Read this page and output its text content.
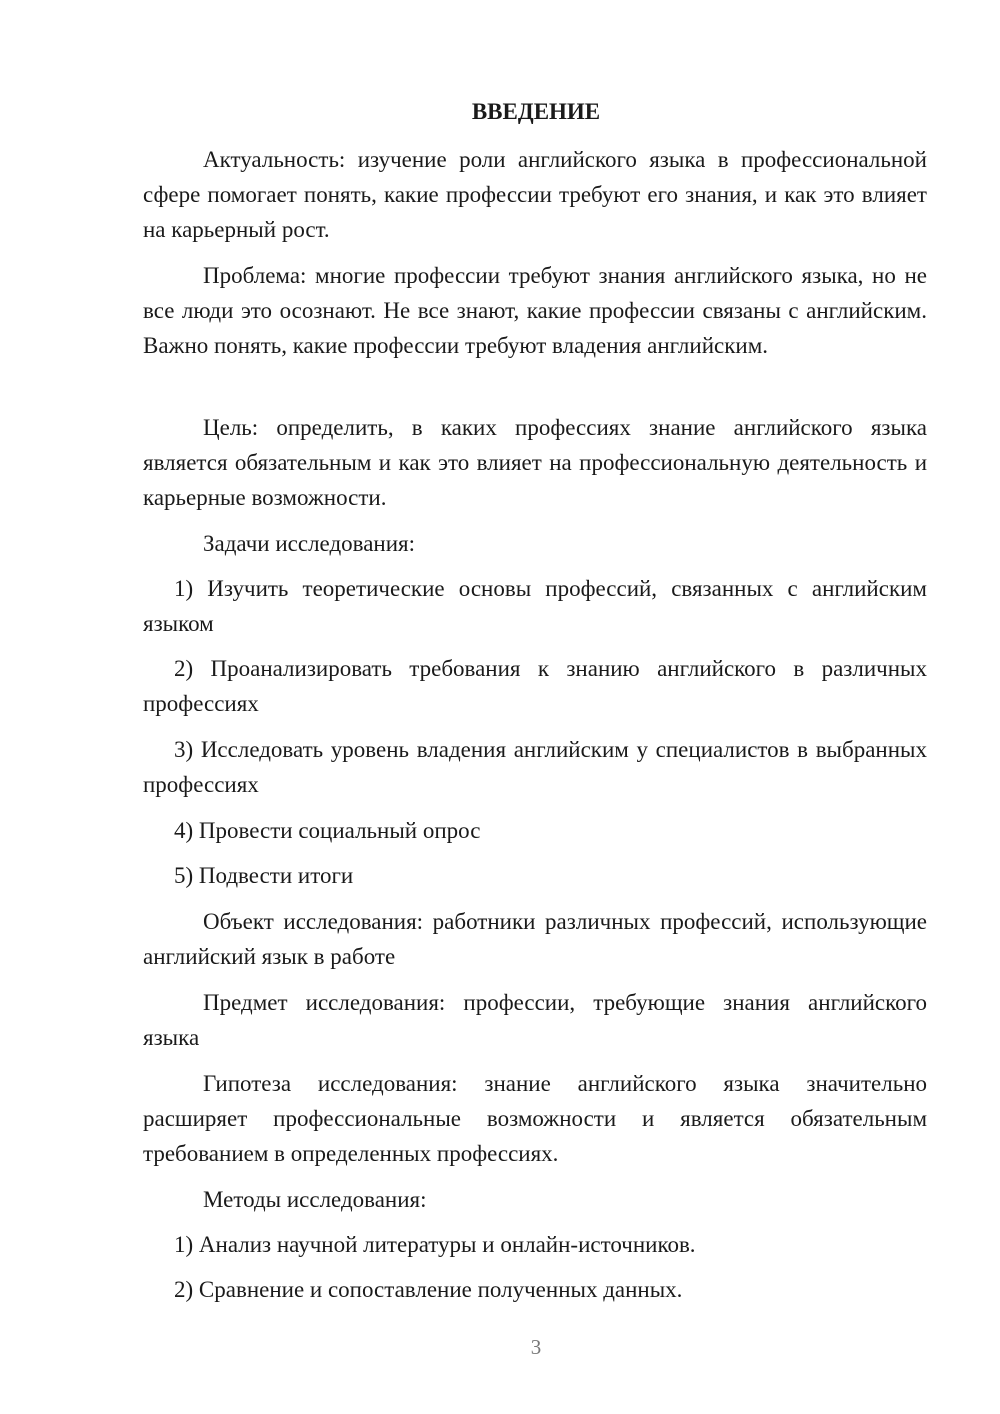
ВВЕДЕНИЕ
Актуальность: изучение роли английского языка в профессиональной сфере помогает понять, какие профессии требуют его знания, и как это влияет на карьерный рост.
Проблема: многие профессии требуют знания английского языка, но не все люди это осознают. Не все знают, какие профессии связаны с английским. Важно понять, какие профессии требуют владения английским.
Цель: определить, в каких профессиях знание английского языка является обязательным и как это влияет на профессиональную деятельность и карьерные возможности.
Задачи исследования:
1) Изучить теоретические основы профессий, связанных с английским языком
2) Проанализировать требования к знанию английского в различных профессиях
3) Исследовать уровень владения английским у специалистов в выбранных профессиях
4) Провести социальный опрос
5) Подвести итоги
Объект исследования: работники различных профессий, использующие английский язык в работе
Предмет исследования: профессии, требующие знания английского языка
Гипотеза исследования: знание английского языка значительно расширяет профессиональные возможности и является обязательным требованием в определенных профессиях.
Методы исследования:
1) Анализ научной литературы и онлайн-источников.
2) Сравнение и сопоставление полученных данных.
3
